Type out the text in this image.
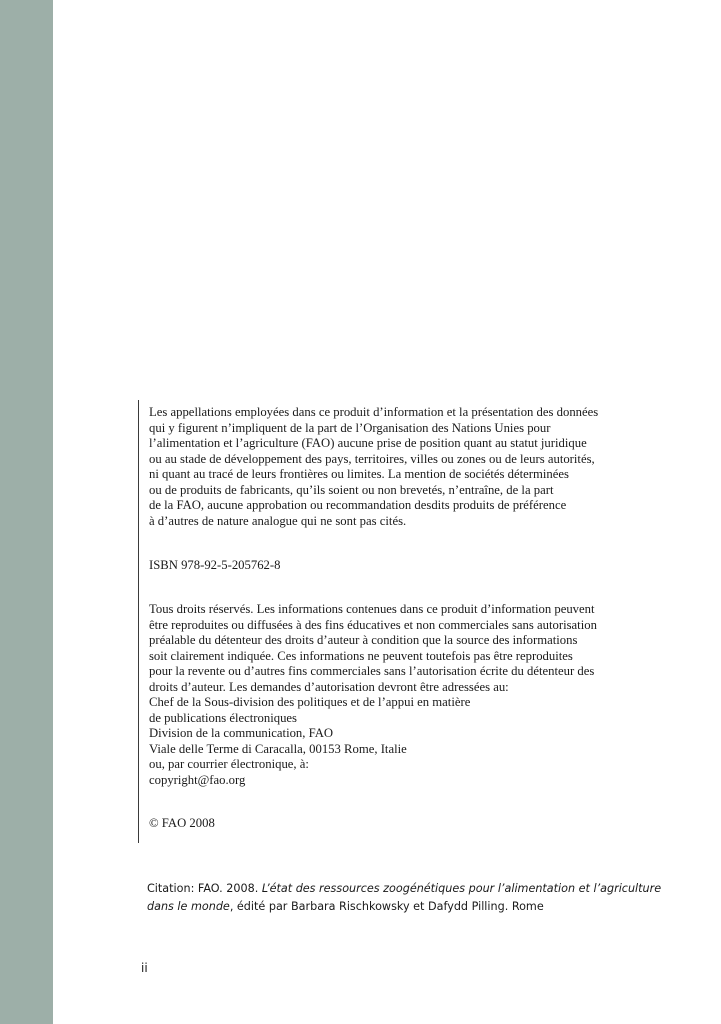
Les appellations employées dans ce produit d’information et la présentation des données
qui y figurent n’impliquent de la part de l’Organisation des Nations Unies pour
l’alimentation et l’agriculture (FAO) aucune prise de position quant au statut juridique
ou au stade de développement des pays, territoires, villes ou zones ou de leurs autorités,
ni quant au tracé de leurs frontières ou limites. La mention de sociétés déterminées
ou de produits de fabricants, qu’ils soient ou non brevetés, n’entraîne, de la part
de la FAO, aucune approbation ou recommandation desdits produits de préférence
à d’autres de nature analogue qui ne sont pas cités.
ISBN 978-92-5-205762-8
Tous droits réservés. Les informations contenues dans ce produit d’information peuvent
être reproduites ou diffusées à des fins éducatives et non commerciales sans autorisation
préalable du détenteur des droits d’auteur à condition que la source des informations
soit clairement indiquée. Ces informations ne peuvent toutefois pas être reproduites
pour la revente ou d’autres fins commerciales sans l’autorisation écrite du détenteur des
droits d’auteur. Les demandes d’autorisation devront être adressées au:
Chef de la Sous-division des politiques et de l’appui en matière
de publications électroniques
Division de la communication, FAO
Viale delle Terme di Caracalla, 00153 Rome, Italie
ou, par courrier électronique, à:
copyright@fao.org
© FAO 2008
Citation: FAO. 2008. L’état des ressources zoogénétiques pour l’alimentation et l’agriculture
dans le monde, édité par Barbara Rischkowsky et Dafydd Pilling. Rome
ii
